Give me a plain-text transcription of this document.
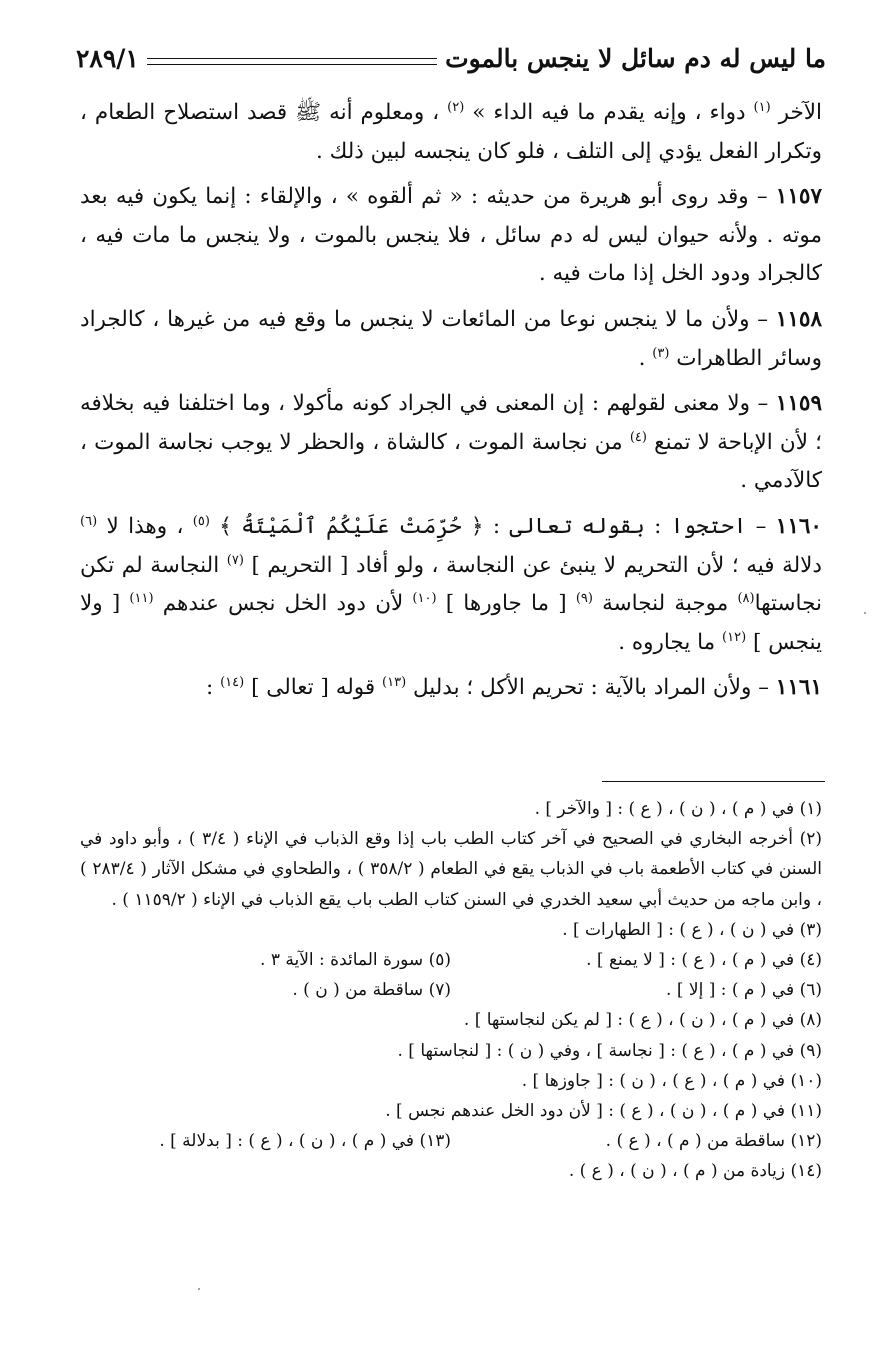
ما ليس له دم سائل لا ينجس بالموت
٢٨٩/١

الآخر $^{(١)}$ دواء ، وإنه يقدم ما فيه الداء » $^{(٢)}$ ، ومعلوم أنه ﷺ قصد استصلاح الطعام ، وتكرار الفعل يؤدي إلى التلف ، فلو كان ينجسه لبين ذلك .

١١٥٧ – وقد روى أبو هريرة من حديثه : « ثم ألقوه » ، والإلقاء : إنما يكون فيه بعد موته . ولأنه حيوان ليس له دم سائل ، فلا ينجس بالموت ، ولا ينجس ما مات فيه ، كالجراد ودود الخل إذا مات فيه .

١١٥٨ – ولأن ما لا ينجس نوعا من المائعات لا ينجس ما وقع فيه من غيرها ، كالجراد وسائر الطاهرات $^{(٣)}$ .

١١٥٩ – ولا معنى لقولهم : إن المعنى في الجراد كونه مأكولا ، وما اختلفنا فيه بخلافه ؛ لأن الإباحة لا تمنع $^{(٤)}$ من نجاسة الموت ، كالشاة ، والحظر لا يوجب نجاسة الموت ، كالآدمي .

١١٦٠ – احتجوا : بقوله تعالى : ﴿ حُرِّمَتْ عَلَيْكُمُ ٱلْمَيْتَةُ ﴾ $^{(٥)}$ ، وهذا لا $^{(٦)}$ دلالة فيه ؛ لأن التحريم لا ينبئ عن النجاسة ، ولو أفاد [ التحريم ] $^{(٧)}$ النجاسة لم تكن نجاستها$^{(٨)}$ موجبة لنجاسة $^{(٩)}$ [ ما جاورها ] $^{(١٠)}$ لأن دود الخل نجس عندهم $^{(١١)}$ [ ولا ينجس ] $^{(١٢)}$ ما يجاروه .

١١٦١ – ولأن المراد بالآية : تحريم الأكل ؛ بدليل $^{(١٣)}$ قوله [ تعالى ] $^{(١٤)}$ :

(١) في ( م ) ، ( ن ) ، ( ع ) : [ والآخر ] .

(٢) أخرجه البخاري في الصحيح في آخر كتاب الطب باب إذا وقع الذباب في الإناء ( ٣/٤ ) ، وأبو داود في السنن في كتاب الأطعمة باب في الذباب يقع في الطعام ( ٣٥٨/٢ ) ، والطحاوي في مشكل الآثار ( ٢٨٣/٤ ) ، وابن ماجه من حديث أبي سعيد الخدري في السنن كتاب الطب باب يقع الذباب في الإناء ( ١١٥٩/٢ ) .

(٣) في ( ن ) ، ( ع ) : [ الطهارات ] .
(٤) في ( م ) ، ( ع ) : [ لا يمنع ] .
(٥) سورة المائدة : الآية ٣ .
(٦) في ( م ) : [ إلا ] .
(٧) ساقطة من ( ن ) .

(٨) في ( م ) ، ( ن ) ، ( ع ) : [ لم يكن لنجاستها ] .

(٩) في ( م ) ، ( ع ) : [ نجاسة ] ، وفي ( ن ) : [ لنجاستها ] .

(١٠) في ( م ) ، ( ع ) ، ( ن ) : [ جاوزها ] .

(١١) في ( م ) ، ( ن ) ، ( ع ) : [ لأن دود الخل عندهم نجس ] .

(١٢) ساقطة من ( م ) ، ( ع ) .
(١٣) في ( م ) ، ( ن ) ، ( ع ) : [ بدلالة ] .

(١٤) زيادة من ( م ) ، ( ن ) ، ( ع ) .
